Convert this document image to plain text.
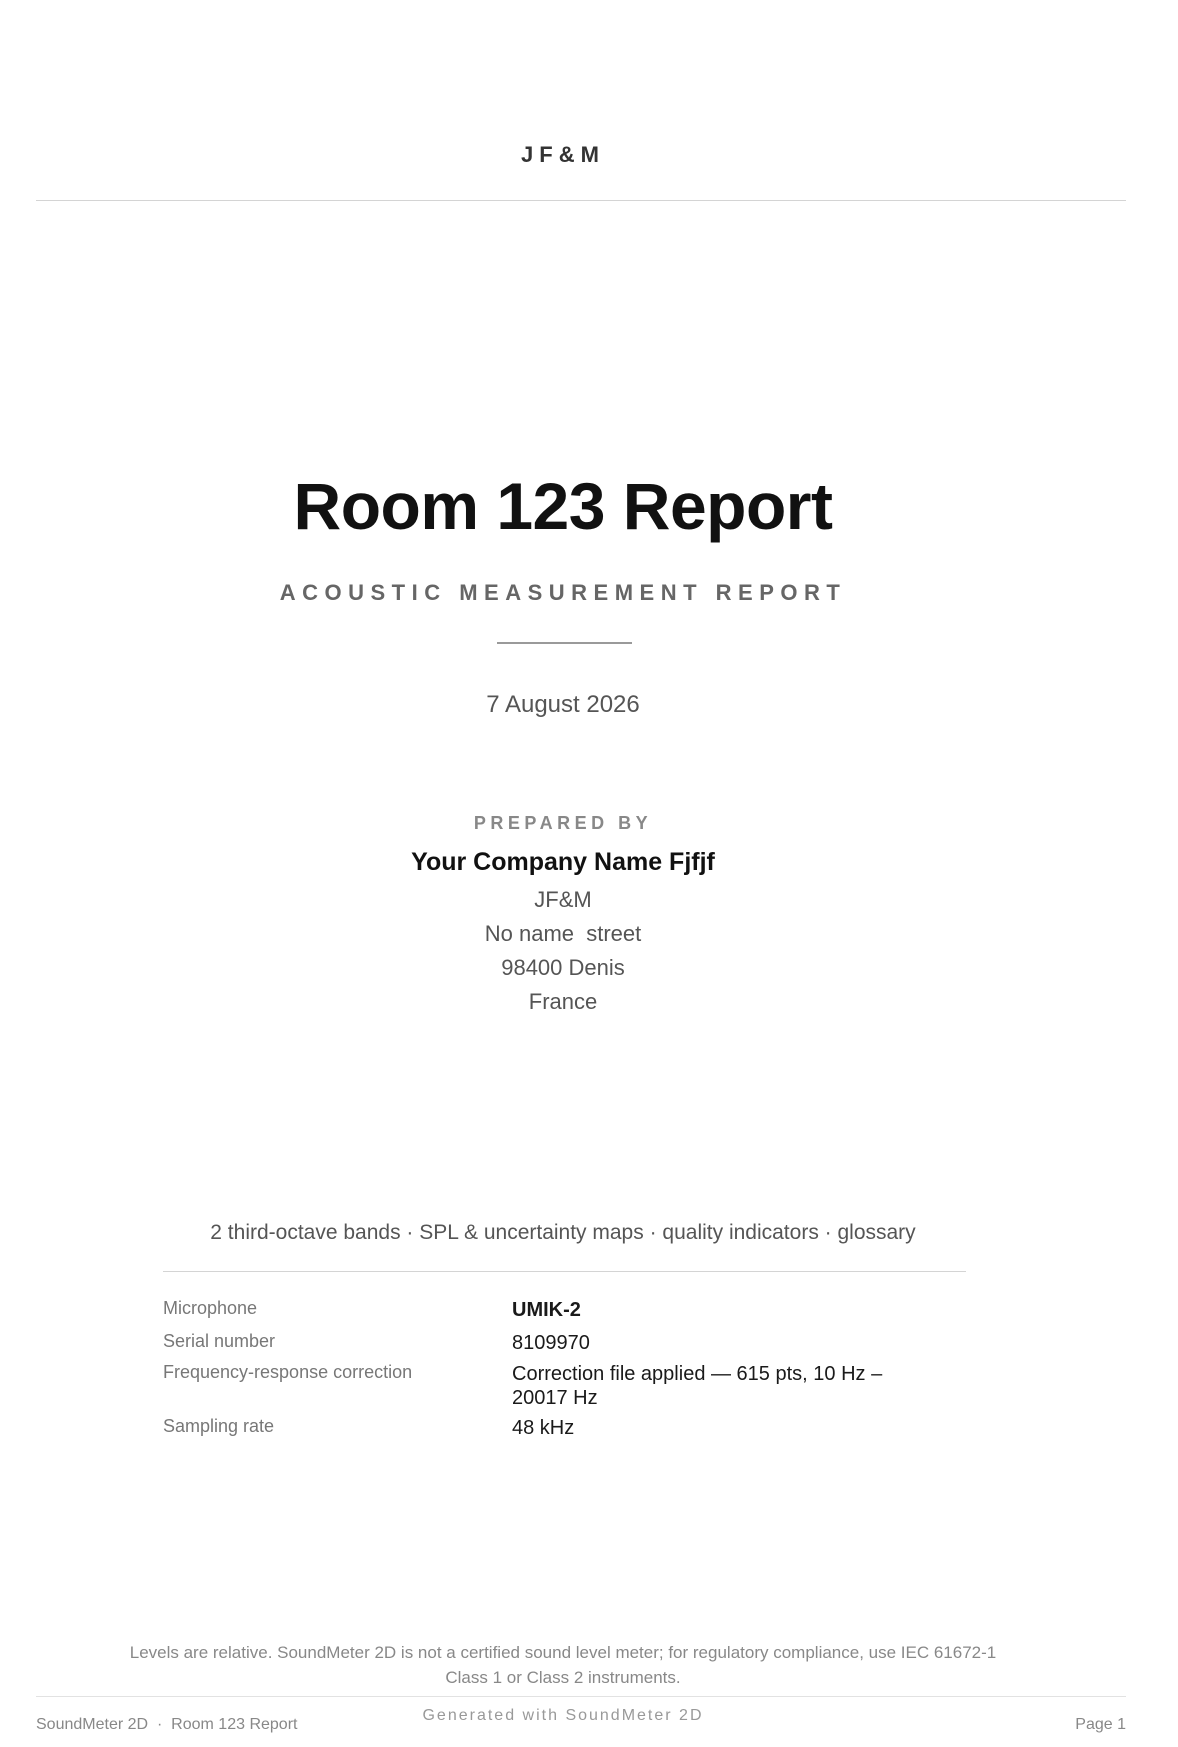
JF&M
Room 123 Report
ACOUSTIC MEASUREMENT REPORT
7 August 2026
PREPARED BY
Your Company Name Fjfjf
JF&M
No name  street
98400 Denis
France
2 third-octave bands · SPL & uncertainty maps · quality indicators · glossary
Microphone	UMIK-2
Serial number	8109970
Frequency-response correction	Correction file applied — 615 pts, 10 Hz – 20017 Hz
Sampling rate	48 kHz
Levels are relative. SoundMeter 2D is not a certified sound level meter; for regulatory compliance, use IEC 61672-1 Class 1 or Class 2 instruments.
Generated with SoundMeter 2D
SoundMeter 2D  ·  Room 123 Report	Page 1
